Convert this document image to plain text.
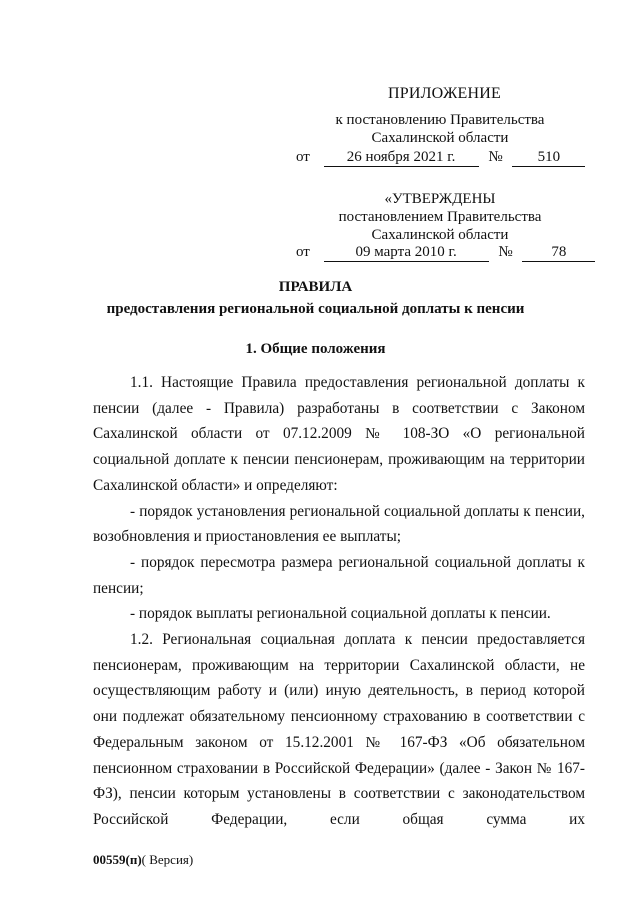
ПРИЛОЖЕНИЕ
к постановлению Правительства
Сахалинской области
от 26 ноября 2021 г. № 510
«УТВЕРЖДЕНЫ
постановлением Правительства
Сахалинской области
от	09 марта 2010 г.	№	78
ПРАВИЛА
предоставления региональной социальной доплаты к пенсии
1. Общие положения

1.1. Настоящие Правила предоставления региональной доплаты к пенсии (далее - Правила) разработаны в соответствии с Законом Сахалинской области от 07.12.2009 № 108-ЗО «О региональной социальной доплате к пенсии пенсионерам, проживающим на территории Сахалинской области» и определяют:

- порядок установления региональной социальной доплаты к пенсии, возобновления и приостановления ее выплаты;

- порядок пересмотра размера региональной социальной доплаты к пенсии;

- порядок выплаты региональной социальной доплаты к пенсии.

1.2. Региональная социальная доплата к пенсии предоставляется пенсионерам, проживающим на территории Сахалинской области, не осуществляющим работу и (или) иную деятельность, в период которой они подлежат обязательному пенсионному страхованию в соответствии с Федеральным законом от 15.12.2001 № 167-ФЗ «Об обязательном пенсионном страховании в Российской Федерации» (далее - Закон № 167-ФЗ), пенсии которым установлены в соответствии с законодательством Российской Федерации, если общая сумма их

00559(п)( Версия)
